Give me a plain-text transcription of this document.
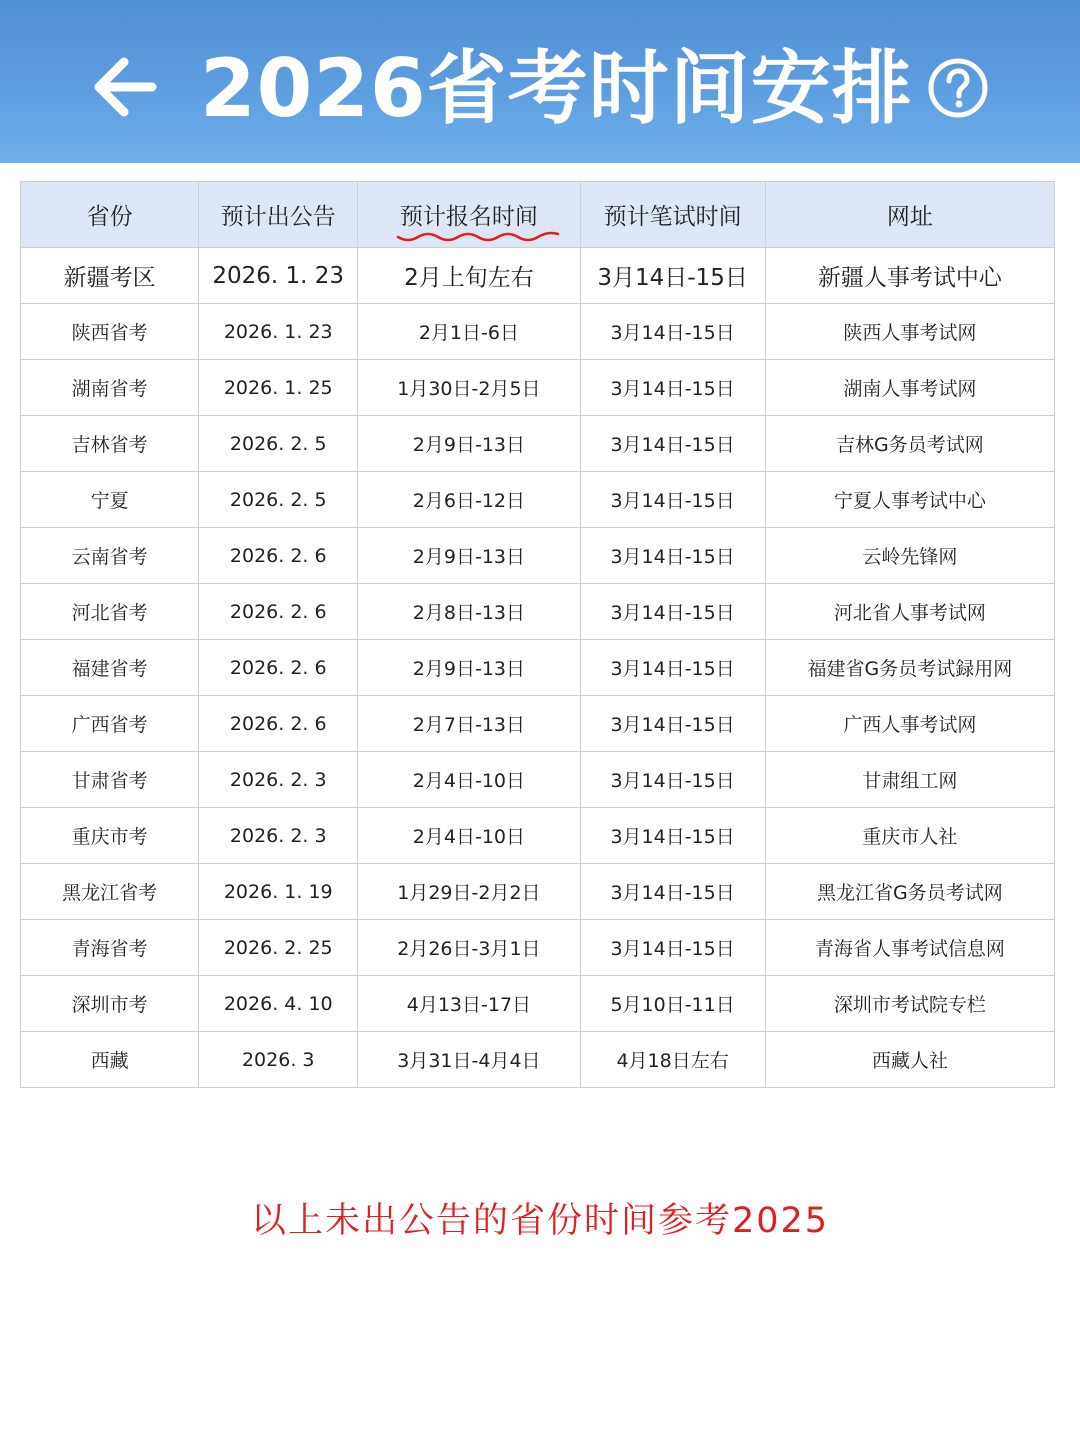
2026省考时间安排
省份	预计出公告	预计报名时间	预计笔试时间	网址
新疆考区	2026. 1. 23	2月上旬左右	3月14日-15日	新疆人事考试中心
陕西省考	2026. 1. 23	2月1日-6日	3月14日-15日	陕西人事考试网
湖南省考	2026. 1. 25	1月30日-2月5日	3月14日-15日	湖南人事考试网
吉林省考	2026. 2. 5	2月9日-13日	3月14日-15日	吉林G务员考试网
宁夏	2026. 2. 5	2月6日-12日	3月14日-15日	宁夏人事考试中心
云南省考	2026. 2. 6	2月9日-13日	3月14日-15日	云岭先锋网
河北省考	2026. 2. 6	2月8日-13日	3月14日-15日	河北省人事考试网
福建省考	2026. 2. 6	2月9日-13日	3月14日-15日	福建省G务员考试録用网
广西省考	2026. 2. 6	2月7日-13日	3月14日-15日	广西人事考试网
甘肃省考	2026. 2. 3	2月4日-10日	3月14日-15日	甘肃组工网
重庆市考	2026. 2. 3	2月4日-10日	3月14日-15日	重庆市人社
黑龙江省考	2026. 1. 19	1月29日-2月2日	3月14日-15日	黑龙江省G务员考试网
青海省考	2026. 2. 25	2月26日-3月1日	3月14日-15日	青海省人事考试信息网
深圳市考	2026. 4. 10	4月13日-17日	5月10日-11日	深圳市考试院专栏
西藏	2026. 3	3月31日-4月4日	4月18日左右	西藏人社
以上未出公告的省份时间参考2025
